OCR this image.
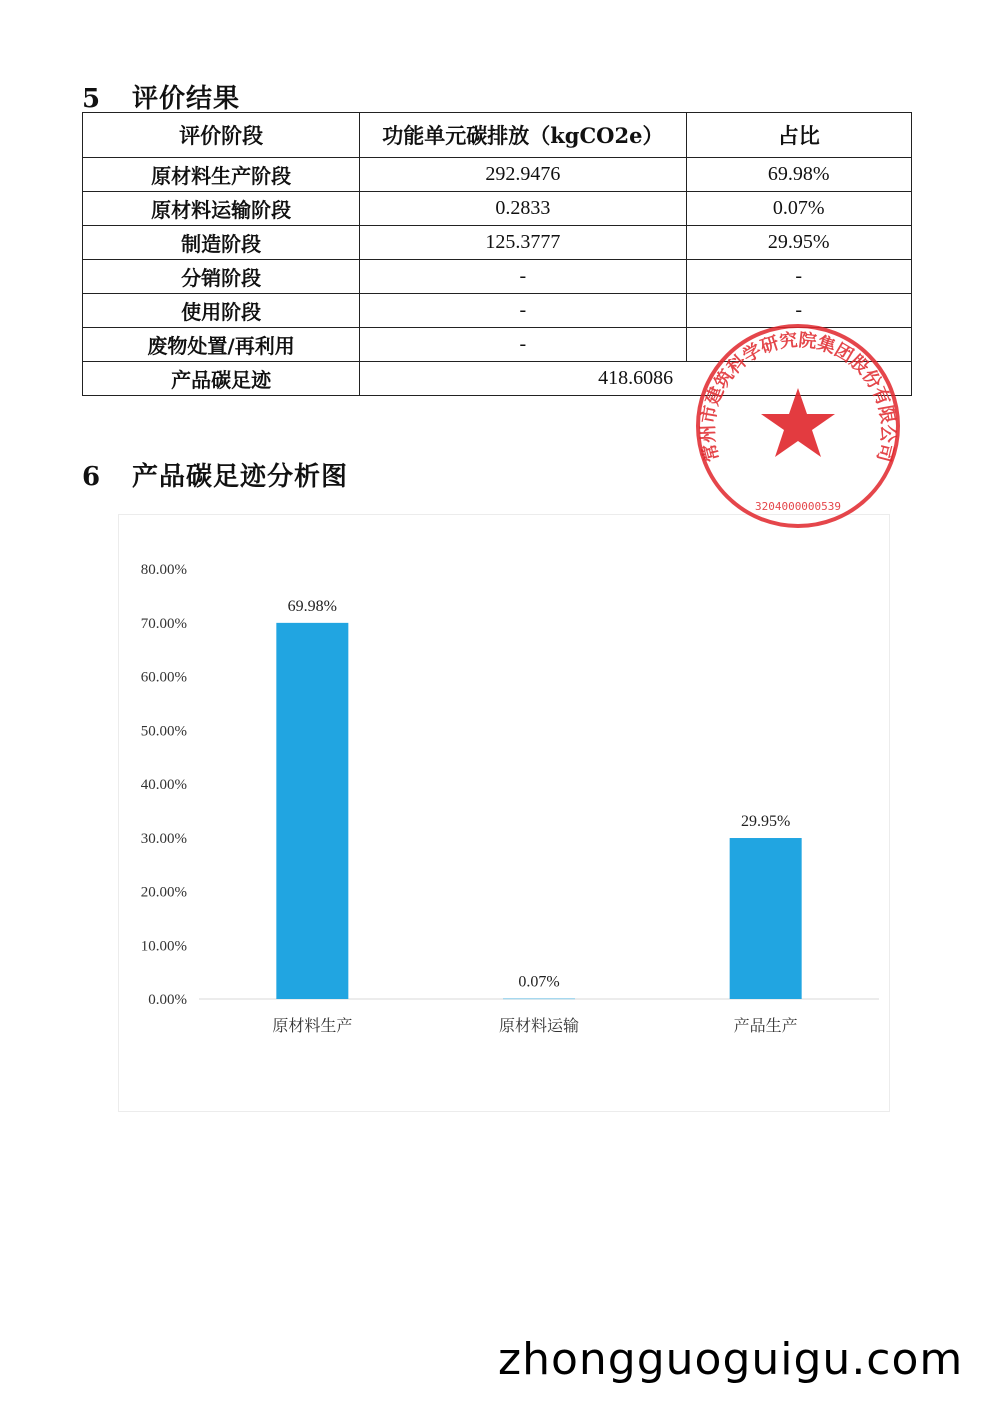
5 评价结果
评价阶段	功能单元碳排放（kgCO2e）	占比
原材料生产阶段	292.9476	69.98%
原材料运输阶段	0.2833	0.07%
制造阶段	125.3777	29.95%
分销阶段	-	-
使用阶段	-	-
废物处置/再利用	-	
产品碳足迹	418.6086	
6 产品碳足迹分析图
0.00%
10.00%
20.00%
30.00%
40.00%
50.00%
60.00%
70.00%
80.00%
69.98%
原材料生产
0.07%
原材料运输
29.95%
产品生产
常州市建筑科学研究院集团股份有限公司
3204000000539
zhongguoguigu.com
